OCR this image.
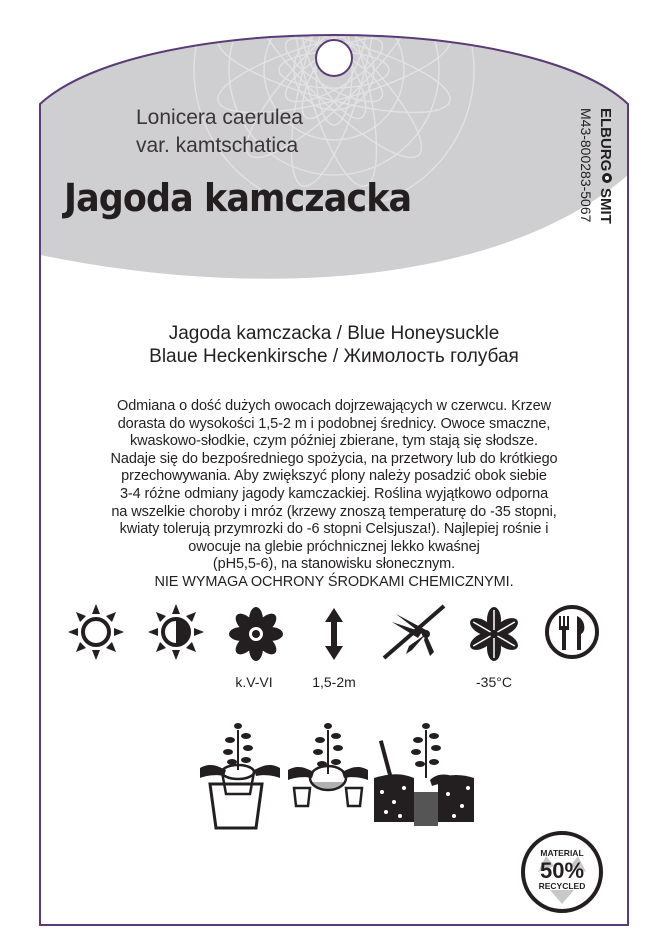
Lonicera caerulea
var. kamtschatica
Jagoda kamczacka
ELBURG
SMIT
M43-800283-5067
Jagoda kamczacka / Blue Honeysuckle
Blaue Heckenkirsche / Жимолость голубая
Odmiana o dość dużych owocach dojrzewających w czerwcu. Krzew
dorasta do wysokości 1,5-2 m i podobnej średnicy. Owoce smaczne,
kwaskowo-słodkie, czym później zbierane, tym stają się słodsze.
Nadaje się do bezpośredniego spożycia, na przetwory lub do krótkiego
przechowywania. Aby zwiększyć plony należy posadzić obok siebie
3-4 różne odmiany jagody kamczackiej. Roślina wyjątkowo odporna
na wszelkie choroby i mróz (krzewy znoszą temperaturę do -35 stopni,
kwiaty tolerują przymrozki do -6 stopni Celsjusza!). Najlepiej rośnie i
owocuje na glebie próchnicznej lekko kwaśnej
(pH5,5-6), na stanowisku słonecznym.
NIE WYMAGA OCHRONY ŚRODKAMI CHEMICZNYMI.
k.V-VI	1,5-2m	-35°C
MATERIAL
50%
RECYCLED
